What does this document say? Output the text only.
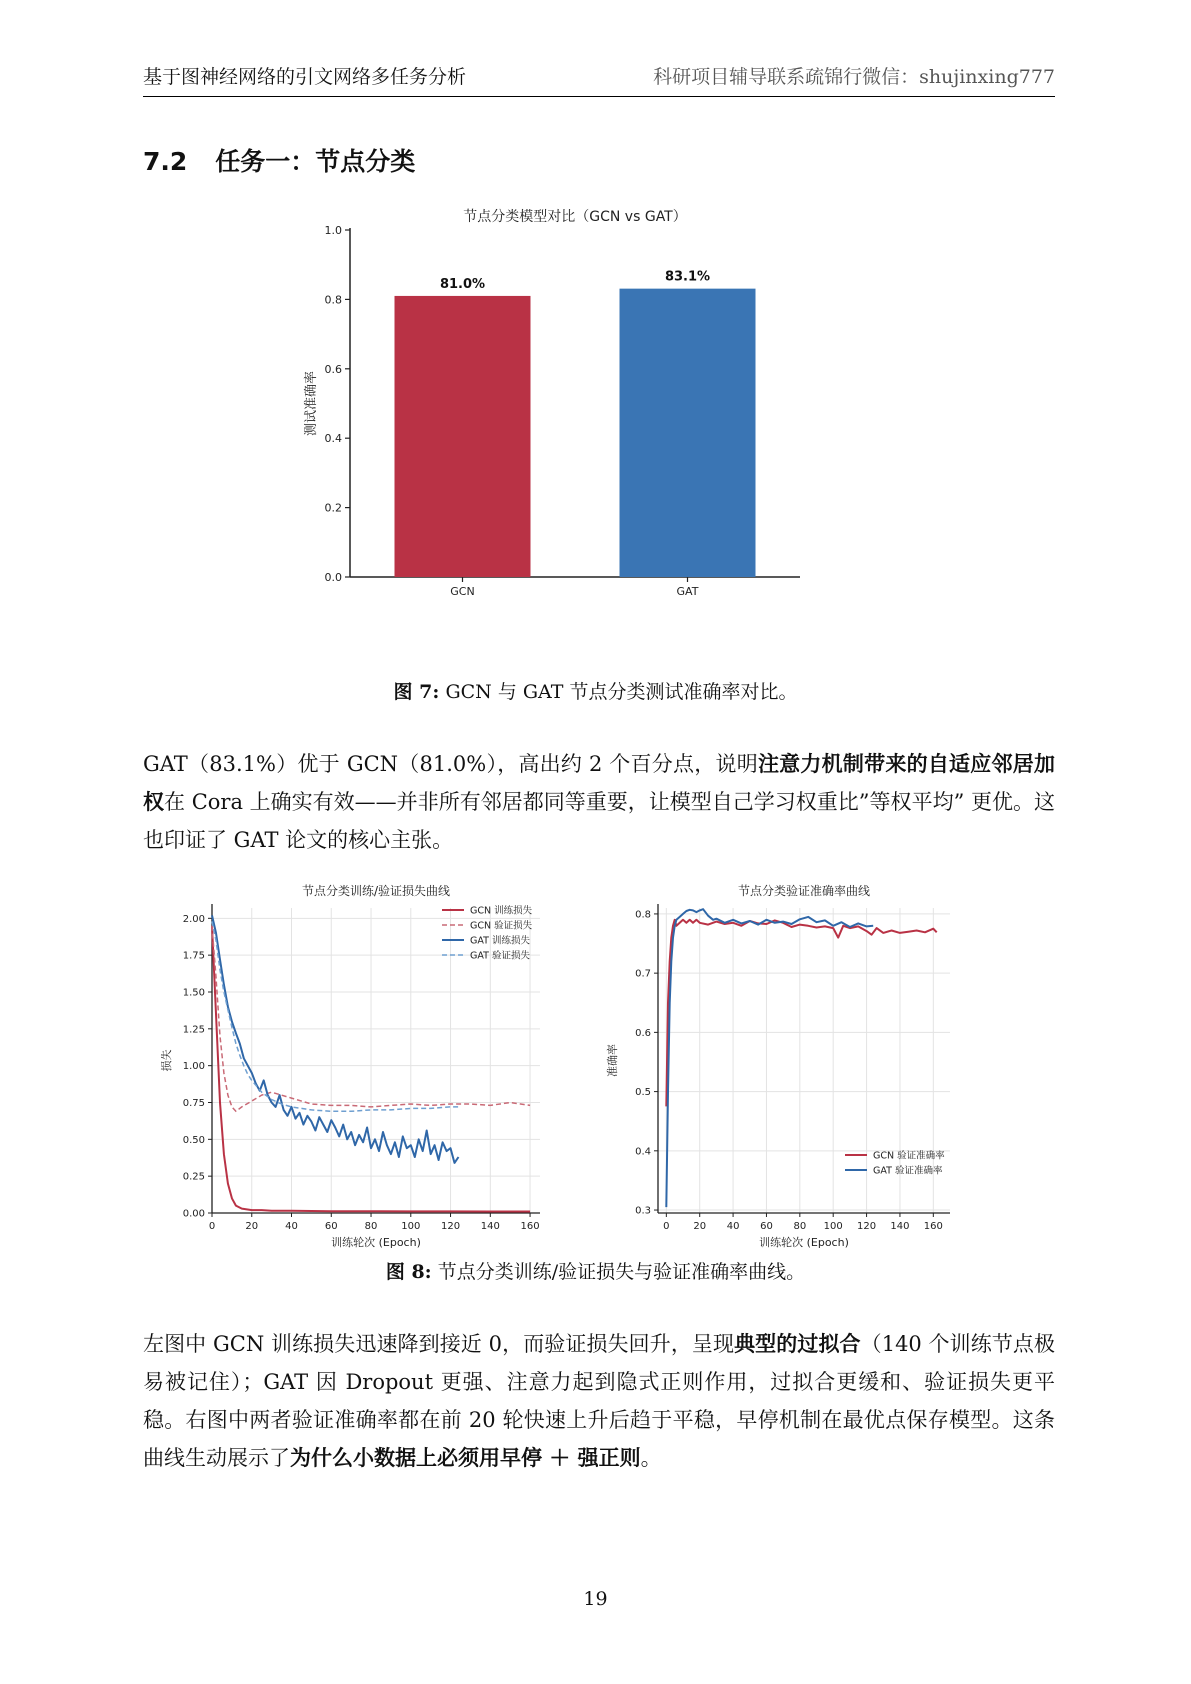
基于图神经网络的引文网络多任务分析	科研项目辅导联系疏锦行微信：shujinxing777
7.2 任务一：节点分类
节点分类模型对比（GCN vs GAT）
0.0
0.2
0.4
0.6
0.8
1.0
测试准确率
81.0%
GCN
83.1%
GAT
图 7: GCN 与 GAT 节点分类测试准确率对比。

GAT（83.1%）优于 GCN（81.0%），高出约 2 个百分点，说明注意力机制带来的自适应邻居加权在 Cora 上确实有效——并非所有邻居都同等重要，让模型自己学习权重比”等权平均” 更优。这也印证了 GAT 论文的核心主张。

节点分类训练/验证损失曲线
0.00
0.25
0.50
0.75
1.00
1.25
1.50
1.75
2.00
0	20	40	60	80 100 120 140 160
训练轮次 (Epoch)
损失
GCN 训练损失
GCN 验证损失
GAT 训练损失
GAT 验证损失
节点分类验证准确率曲线
0.3
0.4
0.5
0.6
0.7
0.8
0 20 40 60 80 100 120 140 160
训练轮次 (Epoch)
准确率
GCN 验证准确率
GAT 验证准确率
图 8: 节点分类训练/验证损失与验证准确率曲线。

左图中 GCN 训练损失迅速降到接近 0，而验证损失回升，呈现典型的过拟合（140 个训练节点极易被记住）；GAT 因 Dropout 更强、注意力起到隐式正则作用，过拟合更缓和、验证损失更平稳。右图中两者验证准确率都在前 20 轮快速上升后趋于平稳，早停机制在最优点保存模型。这条曲线生动展示了为什么小数据上必须用早停 ＋ 强正则。

19
